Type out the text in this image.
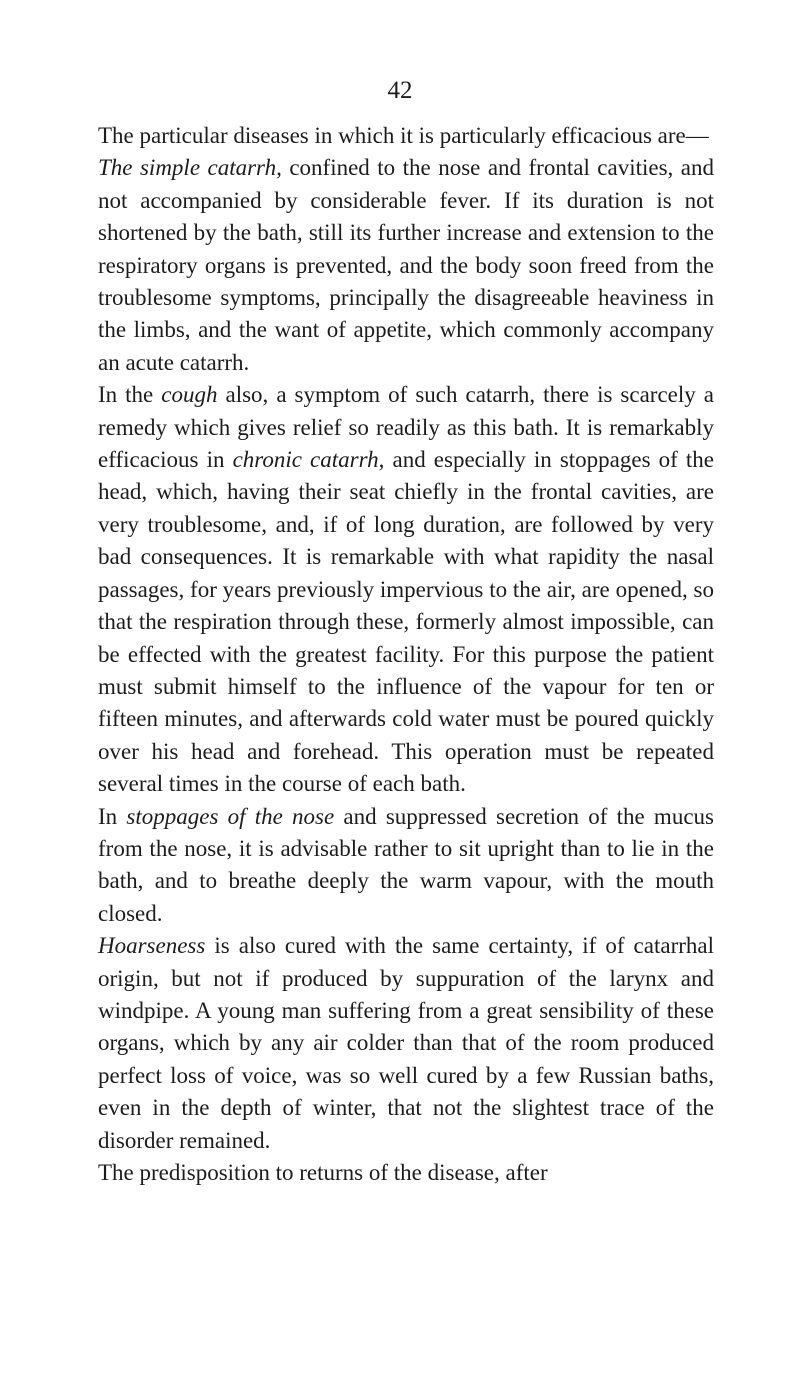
42

The particular diseases in which it is particularly efficacious are—

The simple catarrh, confined to the nose and frontal cavities, and not accompanied by considerable fever. If its duration is not shortened by the bath, still its further increase and extension to the respiratory organs is prevented, and the body soon freed from the troublesome symptoms, principally the disagreeable heaviness in the limbs, and the want of appetite, which commonly accompany an acute catarrh.

In the cough also, a symptom of such catarrh, there is scarcely a remedy which gives relief so readily as this bath. It is remarkably efficacious in chronic catarrh, and especially in stoppages of the head, which, having their seat chiefly in the frontal cavities, are very troublesome, and, if of long duration, are followed by very bad consequences. It is remarkable with what rapidity the nasal passages, for years previously impervious to the air, are opened, so that the respiration through these, formerly almost impossible, can be effected with the greatest facility. For this purpose the patient must submit himself to the influence of the vapour for ten or fifteen minutes, and afterwards cold water must be poured quickly over his head and forehead. This operation must be repeated several times in the course of each bath.

In stoppages of the nose and suppressed secretion of the mucus from the nose, it is advisable rather to sit upright than to lie in the bath, and to breathe deeply the warm vapour, with the mouth closed.

Hoarseness is also cured with the same certainty, if of catarrhal origin, but not if produced by suppuration of the larynx and windpipe. A young man suffering from a great sensibility of these organs, which by any air colder than that of the room produced perfect loss of voice, was so well cured by a few Russian baths, even in the depth of winter, that not the slightest trace of the disorder remained.

The predisposition to returns of the disease, after
